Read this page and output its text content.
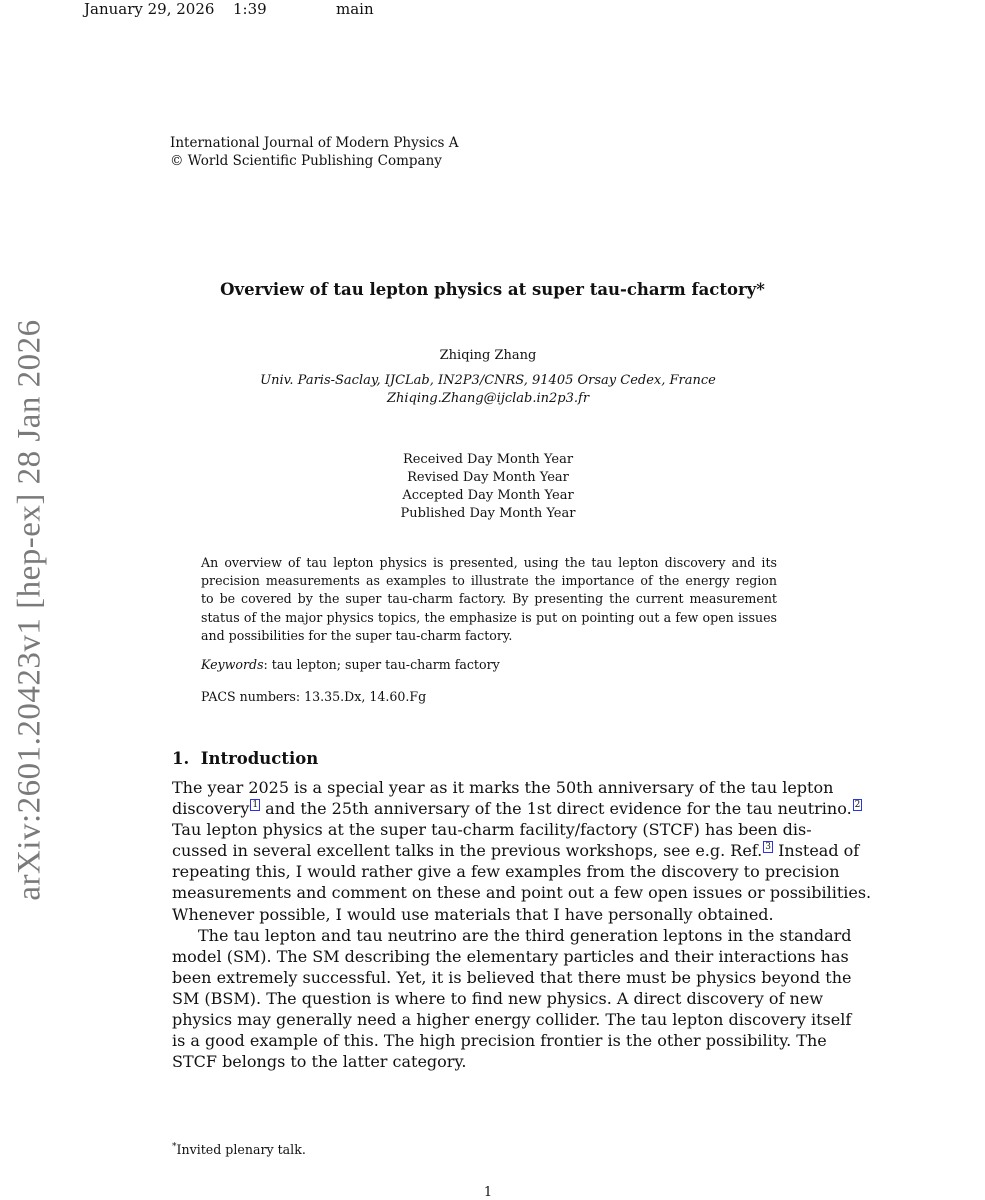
January 29, 2026 1:39	main
arXiv:2601.20423v1 [hep-ex] 28 Jan 2026
International Journal of Modern Physics A
© World Scientific Publishing Company
Overview of tau lepton physics at super tau-charm factory*
Zhiqing Zhang
Univ. Paris-Saclay, IJCLab, IN2P3/CNRS, 91405 Orsay Cedex, France
Zhiqing.Zhang@ijclab.in2p3.fr
Received Day Month Year
Revised Day Month Year
Accepted Day Month Year
Published Day Month Year
An overview of tau lepton physics is presented, using the tau lepton discovery and its
precision measurements as examples to illustrate the importance of the energy region
to be covered by the super tau-charm factory. By presenting the current measurement
status of the major physics topics, the emphasize is put on pointing out a few open issues
and possibilities for the super tau-charm factory.
Keywords: tau lepton; super tau-charm factory
PACS numbers: 13.35.Dx, 14.60.Fg
1. Introduction
The year 2025 is a special year as it marks the 50th anniversary of the tau lepton
discovery 1 and the 25th anniversary of the 1st direct evidence for the tau neutrino. 2
Tau lepton physics at the super tau-charm facility/factory (STCF) has been dis-
cussed in several excellent talks in the previous workshops, see e.g. Ref. 3 Instead of
repeating this, I would rather give a few examples from the discovery to precision
measurements and comment on these and point out a few open issues or possibilities.
Whenever possible, I would use materials that I have personally obtained.
The tau lepton and tau neutrino are the third generation leptons in the standard
model (SM). The SM describing the elementary particles and their interactions has
been extremely successful. Yet, it is believed that there must be physics beyond the
SM (BSM). The question is where to find new physics. A direct discovery of new
physics may generally need a higher energy collider. The tau lepton discovery itself
is a good example of this. The high precision frontier is the other possibility. The
STCF belongs to the latter category.
*Invited plenary talk.
1
